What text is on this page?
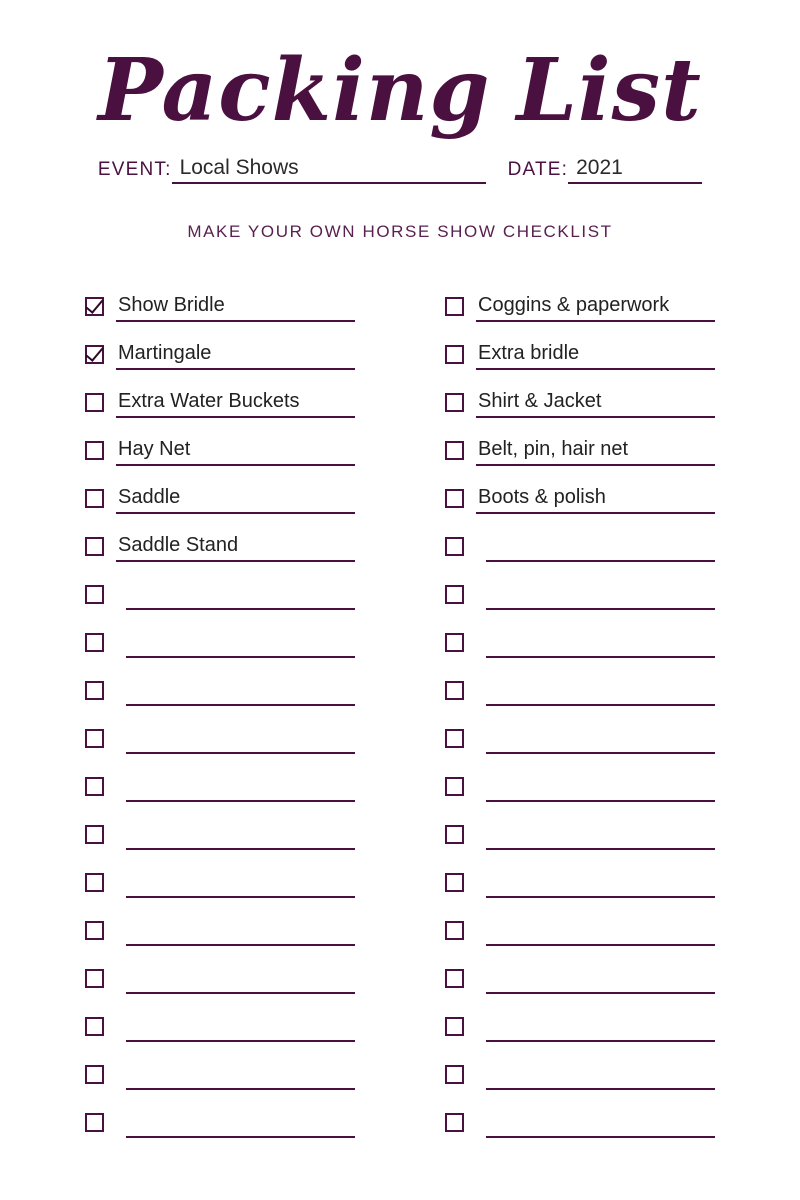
Packing List
EVENT: Local Shows	DATE: 2021
MAKE YOUR OWN HORSE SHOW CHECKLIST
Show Bridle
Martingale
Extra Water Buckets
Hay Net
Saddle
Saddle Stand
Coggins & paperwork
Extra bridle
Shirt & Jacket
Belt, pin, hair net
Boots & polish
